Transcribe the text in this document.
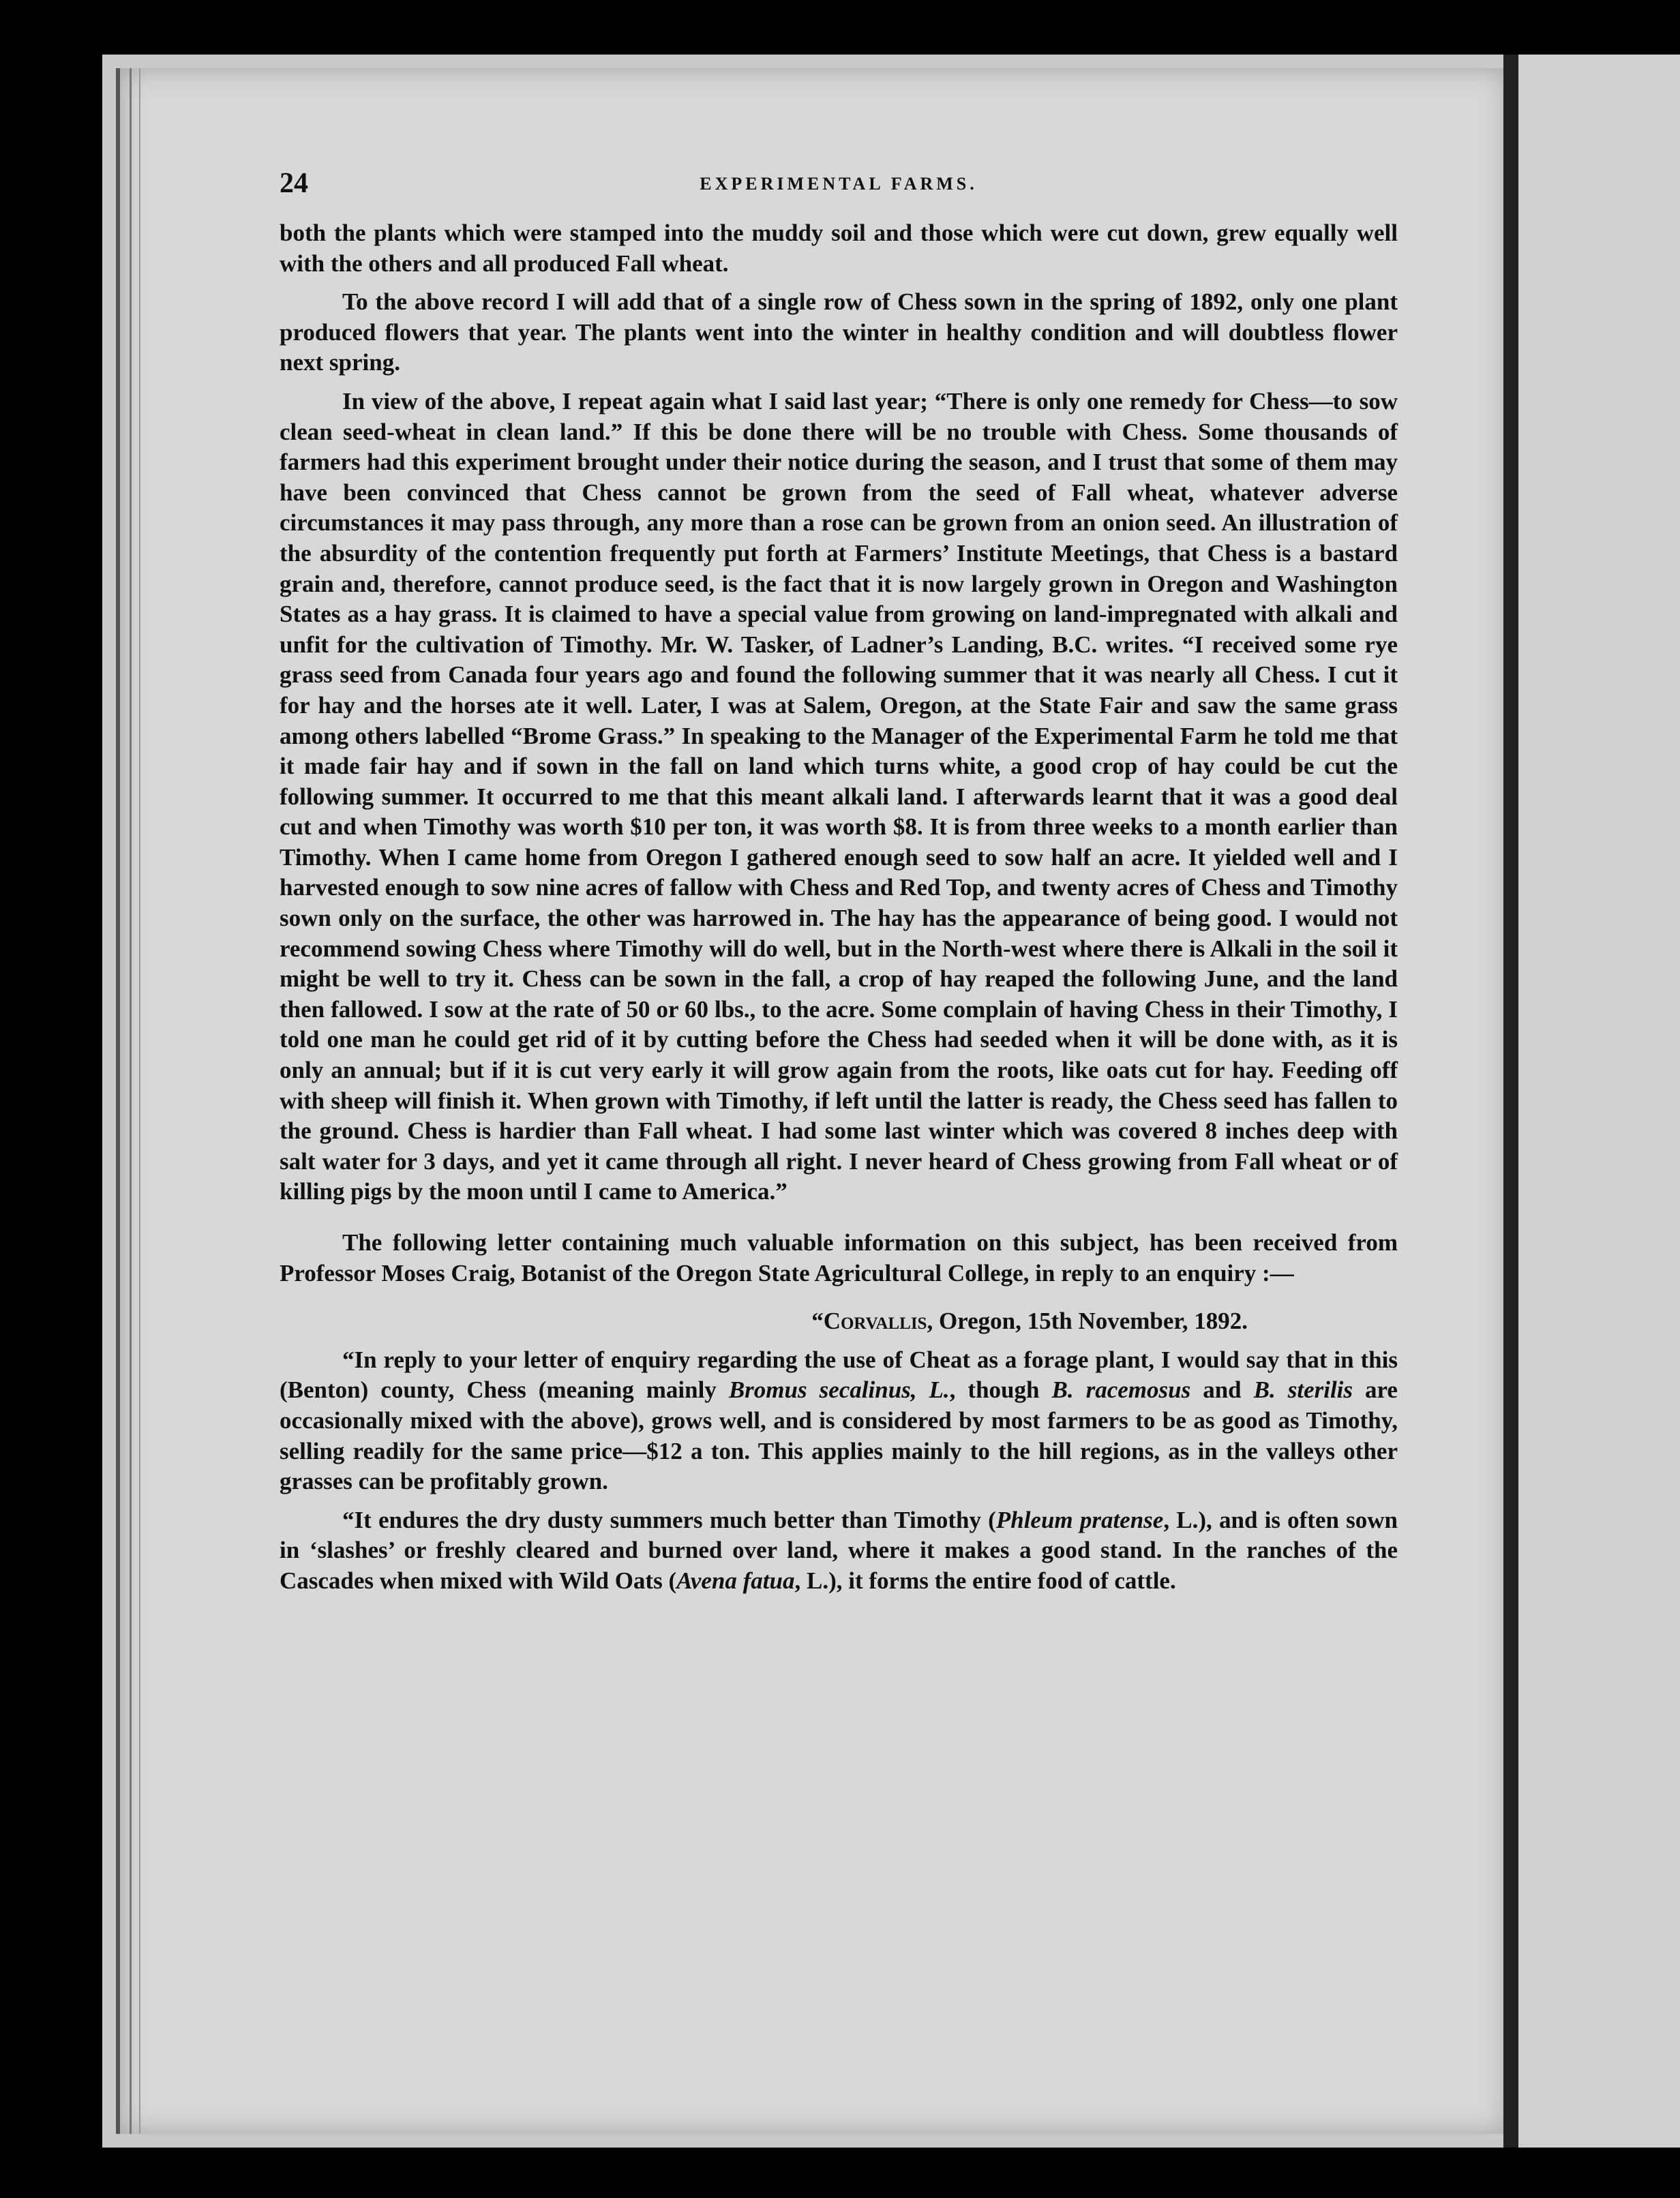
24	EXPERIMENTAL FARMS.

both the plants which were stamped into the muddy soil and those which were cut down, grew equally well with the others and all produced Fall wheat.

To the above record I will add that of a single row of Chess sown in the spring of 1892, only one plant produced flowers that year. The plants went into the winter in healthy condition and will doubtless flower next spring.

In view of the above, I repeat again what I said last year; “There is only one remedy for Chess—to sow clean seed-wheat in clean land.” If this be done there will be no trouble with Chess. Some thousands of farmers had this experiment brought under their notice during the season, and I trust that some of them may have been convinced that Chess cannot be grown from the seed of Fall wheat, whatever adverse circumstances it may pass through, any more than a rose can be grown from an onion seed. An illustration of the absurdity of the contention frequently put forth at Farmers’ Institute Meetings, that Chess is a bastard grain and, therefore, cannot produce seed, is the fact that it is now largely grown in Oregon and Washington States as a hay grass. It is claimed to have a special value from growing on land-impregnated with alkali and unfit for the cultivation of Timothy. Mr. W. Tasker, of Ladner’s Landing, B.C. writes. “I received some rye grass seed from Canada four years ago and found the following summer that it was nearly all Chess. I cut it for hay and the horses ate it well. Later, I was at Salem, Oregon, at the State Fair and saw the same grass among others labelled “Brome Grass.” In speaking to the Manager of the Experimental Farm he told me that it made fair hay and if sown in the fall on land which turns white, a good crop of hay could be cut the following summer. It occurred to me that this meant alkali land. I afterwards learnt that it was a good deal cut and when Timothy was worth $10 per ton, it was worth $8. It is from three weeks to a month earlier than Timothy. When I came home from Oregon I gathered enough seed to sow half an acre. It yielded well and I harvested enough to sow nine acres of fallow with Chess and Red Top, and twenty acres of Chess and Timothy sown only on the surface, the other was harrowed in. The hay has the appearance of being good. I would not recommend sowing Chess where Timothy will do well, but in the North-west where there is Alkali in the soil it might be well to try it. Chess can be sown in the fall, a crop of hay reaped the following June, and the land then fallowed. I sow at the rate of 50 or 60 lbs., to the acre. Some complain of having Chess in their Timothy, I told one man he could get rid of it by cutting before the Chess had seeded when it will be done with, as it is only an annual; but if it is cut very early it will grow again from the roots, like oats cut for hay. Feeding off with sheep will finish it. When grown with Timothy, if left until the latter is ready, the Chess seed has fallen to the ground. Chess is hardier than Fall wheat. I had some last winter which was covered 8 inches deep with salt water for 3 days, and yet it came through all right. I never heard of Chess growing from Fall wheat or of killing pigs by the moon until I came to America.”

The following letter containing much valuable information on this subject, has been received from Professor Moses Craig, Botanist of the Oregon State Agricultural College, in reply to an enquiry :—

“Corvallis, Oregon, 15th November, 1892.

“In reply to your letter of enquiry regarding the use of Cheat as a forage plant, I would say that in this (Benton) county, Chess (meaning mainly Bromus secalinus, L., though B. racemosus and B. sterilis are occasionally mixed with the above), grows well, and is considered by most farmers to be as good as Timothy, selling readily for the same price—$12 a ton. This applies mainly to the hill regions, as in the valleys other grasses can be profitably grown.

“It endures the dry dusty summers much better than Timothy (Phleum pratense, L.), and is often sown in ‘slashes’ or freshly cleared and burned over land, where it makes a good stand. In the ranches of the Cascades when mixed with Wild Oats (Avena fatua, L.), it forms the entire food of cattle.
